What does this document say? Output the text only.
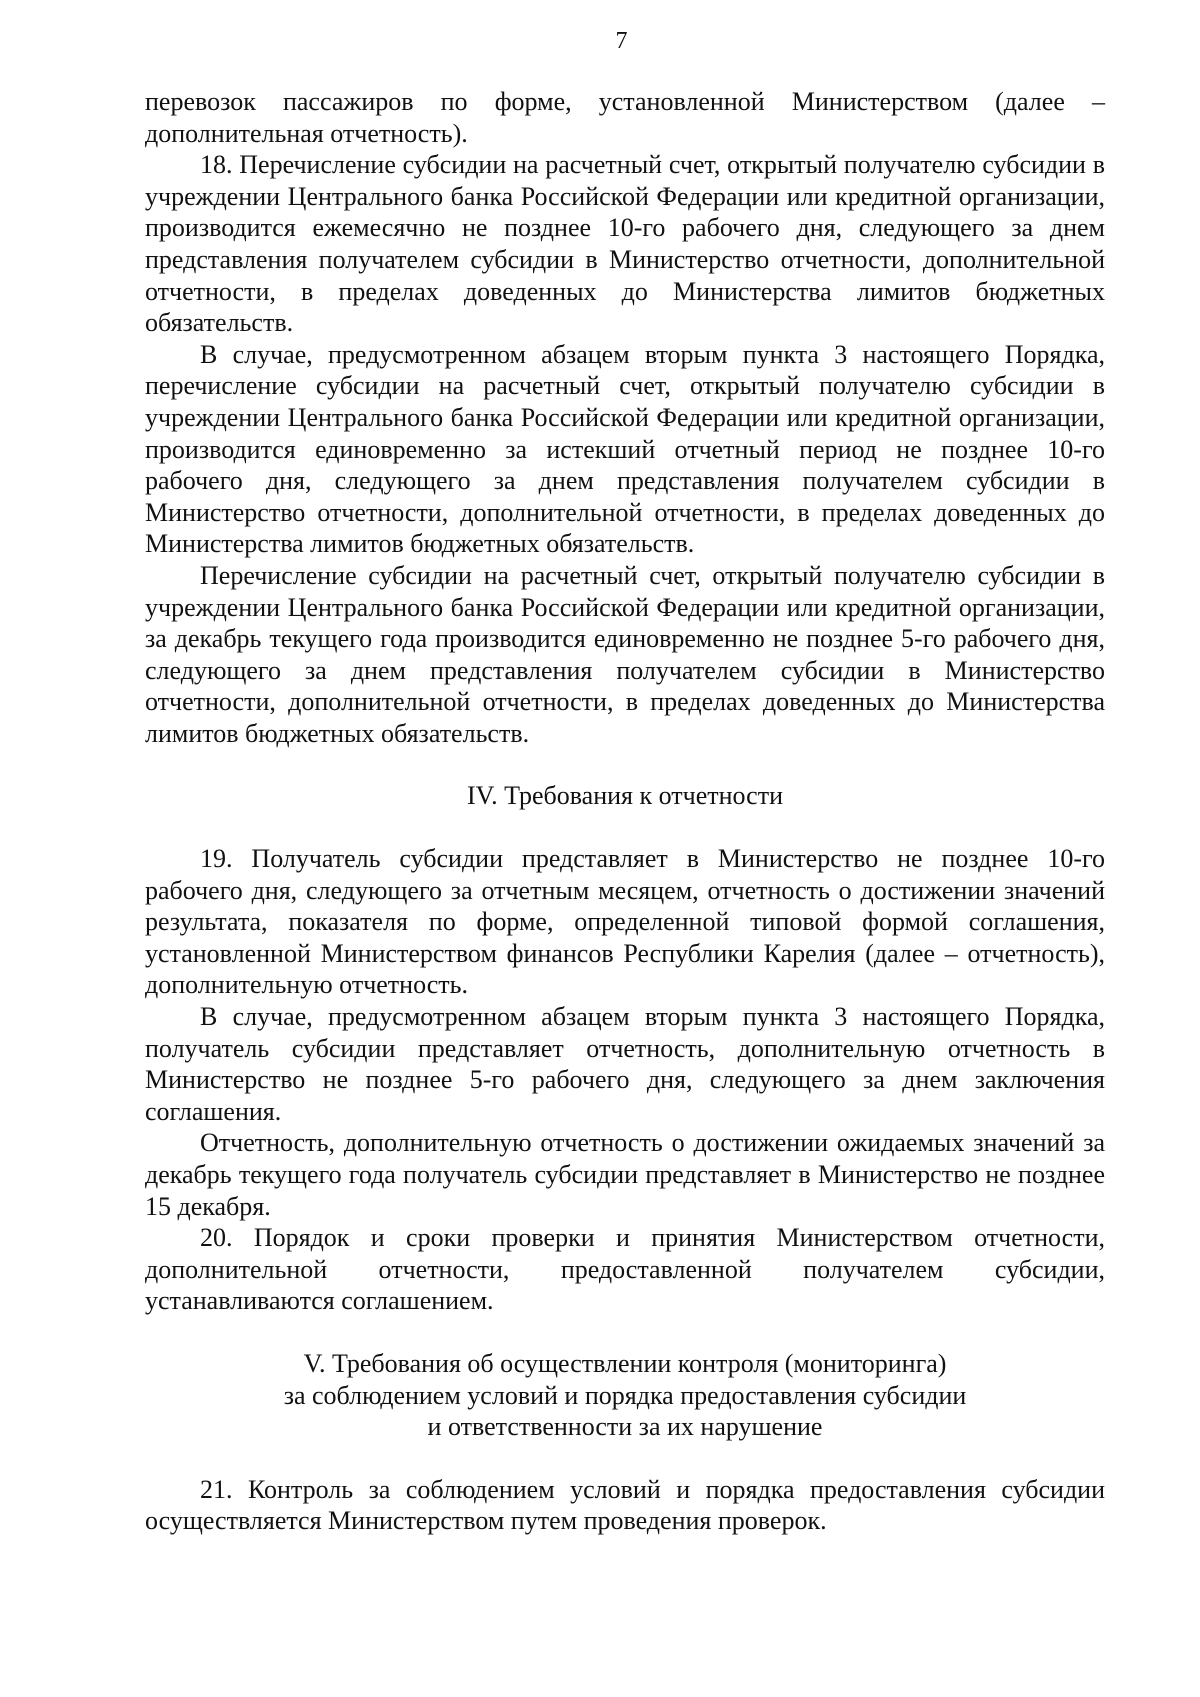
7

перевозок пассажиров по форме, установленной Министерством (далее – дополнительная отчетность).

18. Перечисление субсидии на расчетный счет, открытый получателю субсидии в учреждении Центрального банка Российской Федерации или кредитной организации, производится ежемесячно не позднее 10-го рабочего дня, следующего за днем представления получателем субсидии в Министерство отчетности, дополнительной отчетности, в пределах доведенных до Министерства лимитов бюджетных обязательств.

В случае, предусмотренном абзацем вторым пункта 3 настоящего Порядка, перечисление субсидии на расчетный счет, открытый получателю субсидии в учреждении Центрального банка Российской Федерации или кредитной организации, производится единовременно за истекший отчетный период не позднее 10-го рабочего дня, следующего за днем представления получателем субсидии в Министерство отчетности, дополнительной отчетности, в пределах доведенных до Министерства лимитов бюджетных обязательств.

Перечисление субсидии на расчетный счет, открытый получателю субсидии в учреждении Центрального банка Российской Федерации или кредитной организации, за декабрь текущего года производится единовременно не позднее 5-го рабочего дня, следующего за днем представления получателем субсидии в Министерство отчетности, дополнительной отчетности, в пределах доведенных до Министерства лимитов бюджетных обязательств.

IV. Требования к отчетности

19. Получатель субсидии представляет в Министерство не позднее 10-го рабочего дня, следующего за отчетным месяцем, отчетность о достижении значений результата, показателя по форме, определенной типовой формой соглашения, установленной Министерством финансов Республики Карелия (далее – отчетность), дополнительную отчетность.

В случае, предусмотренном абзацем вторым пункта 3 настоящего Порядка, получатель субсидии представляет отчетность, дополнительную отчетность в Министерство не позднее 5-го рабочего дня, следующего за днем заключения соглашения.

Отчетность, дополнительную отчетность о достижении ожидаемых значений за декабрь текущего года получатель субсидии представляет в Министерство не позднее 15 декабря.

20. Порядок и сроки проверки и принятия Министерством отчетности, дополнительной отчетности, предоставленной получателем субсидии, устанавливаются соглашением.

V. Требования об осуществлении контроля (мониторинга)
за соблюдением условий и порядка предоставления субсидии
и ответственности за их нарушение

21. Контроль за соблюдением условий и порядка предоставления субсидии осуществляется Министерством путем проведения проверок.
